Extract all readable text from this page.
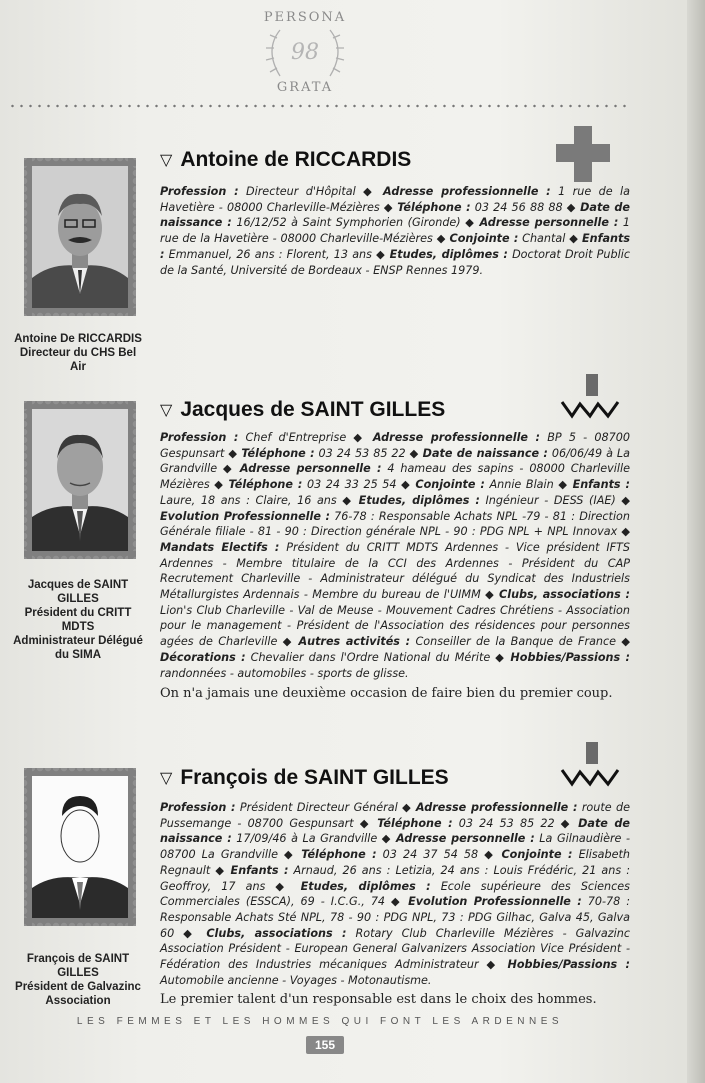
PERSONA
98
GRATA
Antoine De RICCARDIS
Directeur du CHS Bel Air
▽ Antoine de RICCARDIS
Profession : Directeur d'Hôpital ◆ Adresse professionnelle : 1 rue de la Havetière - 08000 Charleville-Mézières ◆ Téléphone : 03 24 56 88 88 ◆ Date de naissance : 16/12/52 à Saint Symphorien (Gironde) ◆ Adresse personnelle : 1 rue de la Havetière - 08000 Charleville-Mézières ◆ Conjointe : Chantal ◆ Enfants : Emmanuel, 26 ans : Florent, 13 ans ◆ Etudes, diplômes : Doctorat Droit Public de la Santé, Université de Bordeaux - ENSP Rennes 1979.
Jacques de SAINT GILLES
Président du CRITT MDTS
Administrateur Délégué
du SIMA
▽ Jacques de SAINT GILLES
Profession : Chef d'Entreprise ◆ Adresse professionnelle : BP 5 - 08700 Gespunsart ◆ Téléphone : 03 24 53 85 22 ◆ Date de naissance : 06/06/49 à La Grandville ◆ Adresse personnelle : 4 hameau des sapins - 08000 Charleville Mézières ◆ Téléphone : 03 24 33 25 54 ◆ Conjointe : Annie Blain ◆ Enfants : Laure, 18 ans : Claire, 16 ans ◆ Etudes, diplômes : Ingénieur - DESS (IAE) ◆ Evolution Professionnelle : 76-78 : Responsable Achats NPL -79 - 81 : Direction Générale filiale - 81 - 90 : Direction générale NPL - 90 : PDG NPL + NPL Innovax ◆ Mandats Electifs : Président du CRITT MDTS Ardennes - Vice président IFTS Ardennes - Membre titulaire de la CCI des Ardennes - Président du CAP Recrutement Charleville - Administrateur délégué du Syndicat des Industriels Métallurgistes Ardennais - Membre du bureau de l'UIMM ◆ Clubs, associations : Lion's Club Charleville - Val de Meuse - Mouvement Cadres Chrétiens - Association pour le management - Président de l'Association des résidences pour personnes agées de Charleville ◆ Autres activités : Conseiller de la Banque de France ◆ Décorations : Chevalier dans l'Ordre National du Mérite ◆ Hobbies/Passions : randonnées - automobiles - sports de glisse.
On n'a jamais une deuxième occasion de faire bien du premier coup.
François de SAINT GILLES
Président de Galvazinc
Association
▽ François de SAINT GILLES
Profession : Président Directeur Général ◆ Adresse professionnelle : route de Pussemange - 08700 Gespunsart ◆ Téléphone : 03 24 53 85 22 ◆ Date de naissance : 17/09/46 à La Grandville ◆ Adresse personnelle : La Gilnaudière - 08700 La Grandville ◆ Téléphone : 03 24 37 54 58 ◆ Conjointe : Elisabeth Regnault ◆ Enfants : Arnaud, 26 ans : Letizia, 24 ans : Louis Frédéric, 21 ans : Geoffroy, 17 ans ◆ Etudes, diplômes : Ecole supérieure des Sciences Commerciales (ESSCA), 69 - I.C.G., 74 ◆ Evolution Professionnelle : 70-78 : Responsable Achats Sté NPL, 78 - 90 : PDG NPL, 73 : PDG Gilhac, Galva 45, Galva 60 ◆ Clubs, associations : Rotary Club Charleville Mézières - Galvazinc Association Président - European General Galvanizers Association Vice Président - Fédération des Industries mécaniques Administrateur ◆ Hobbies/Passions : Automobile ancienne - Voyages - Motonautisme.
Le premier talent d'un responsable est dans le choix des hommes.
LES FEMMES ET LES HOMMES QUI FONT LES ARDENNES
155
